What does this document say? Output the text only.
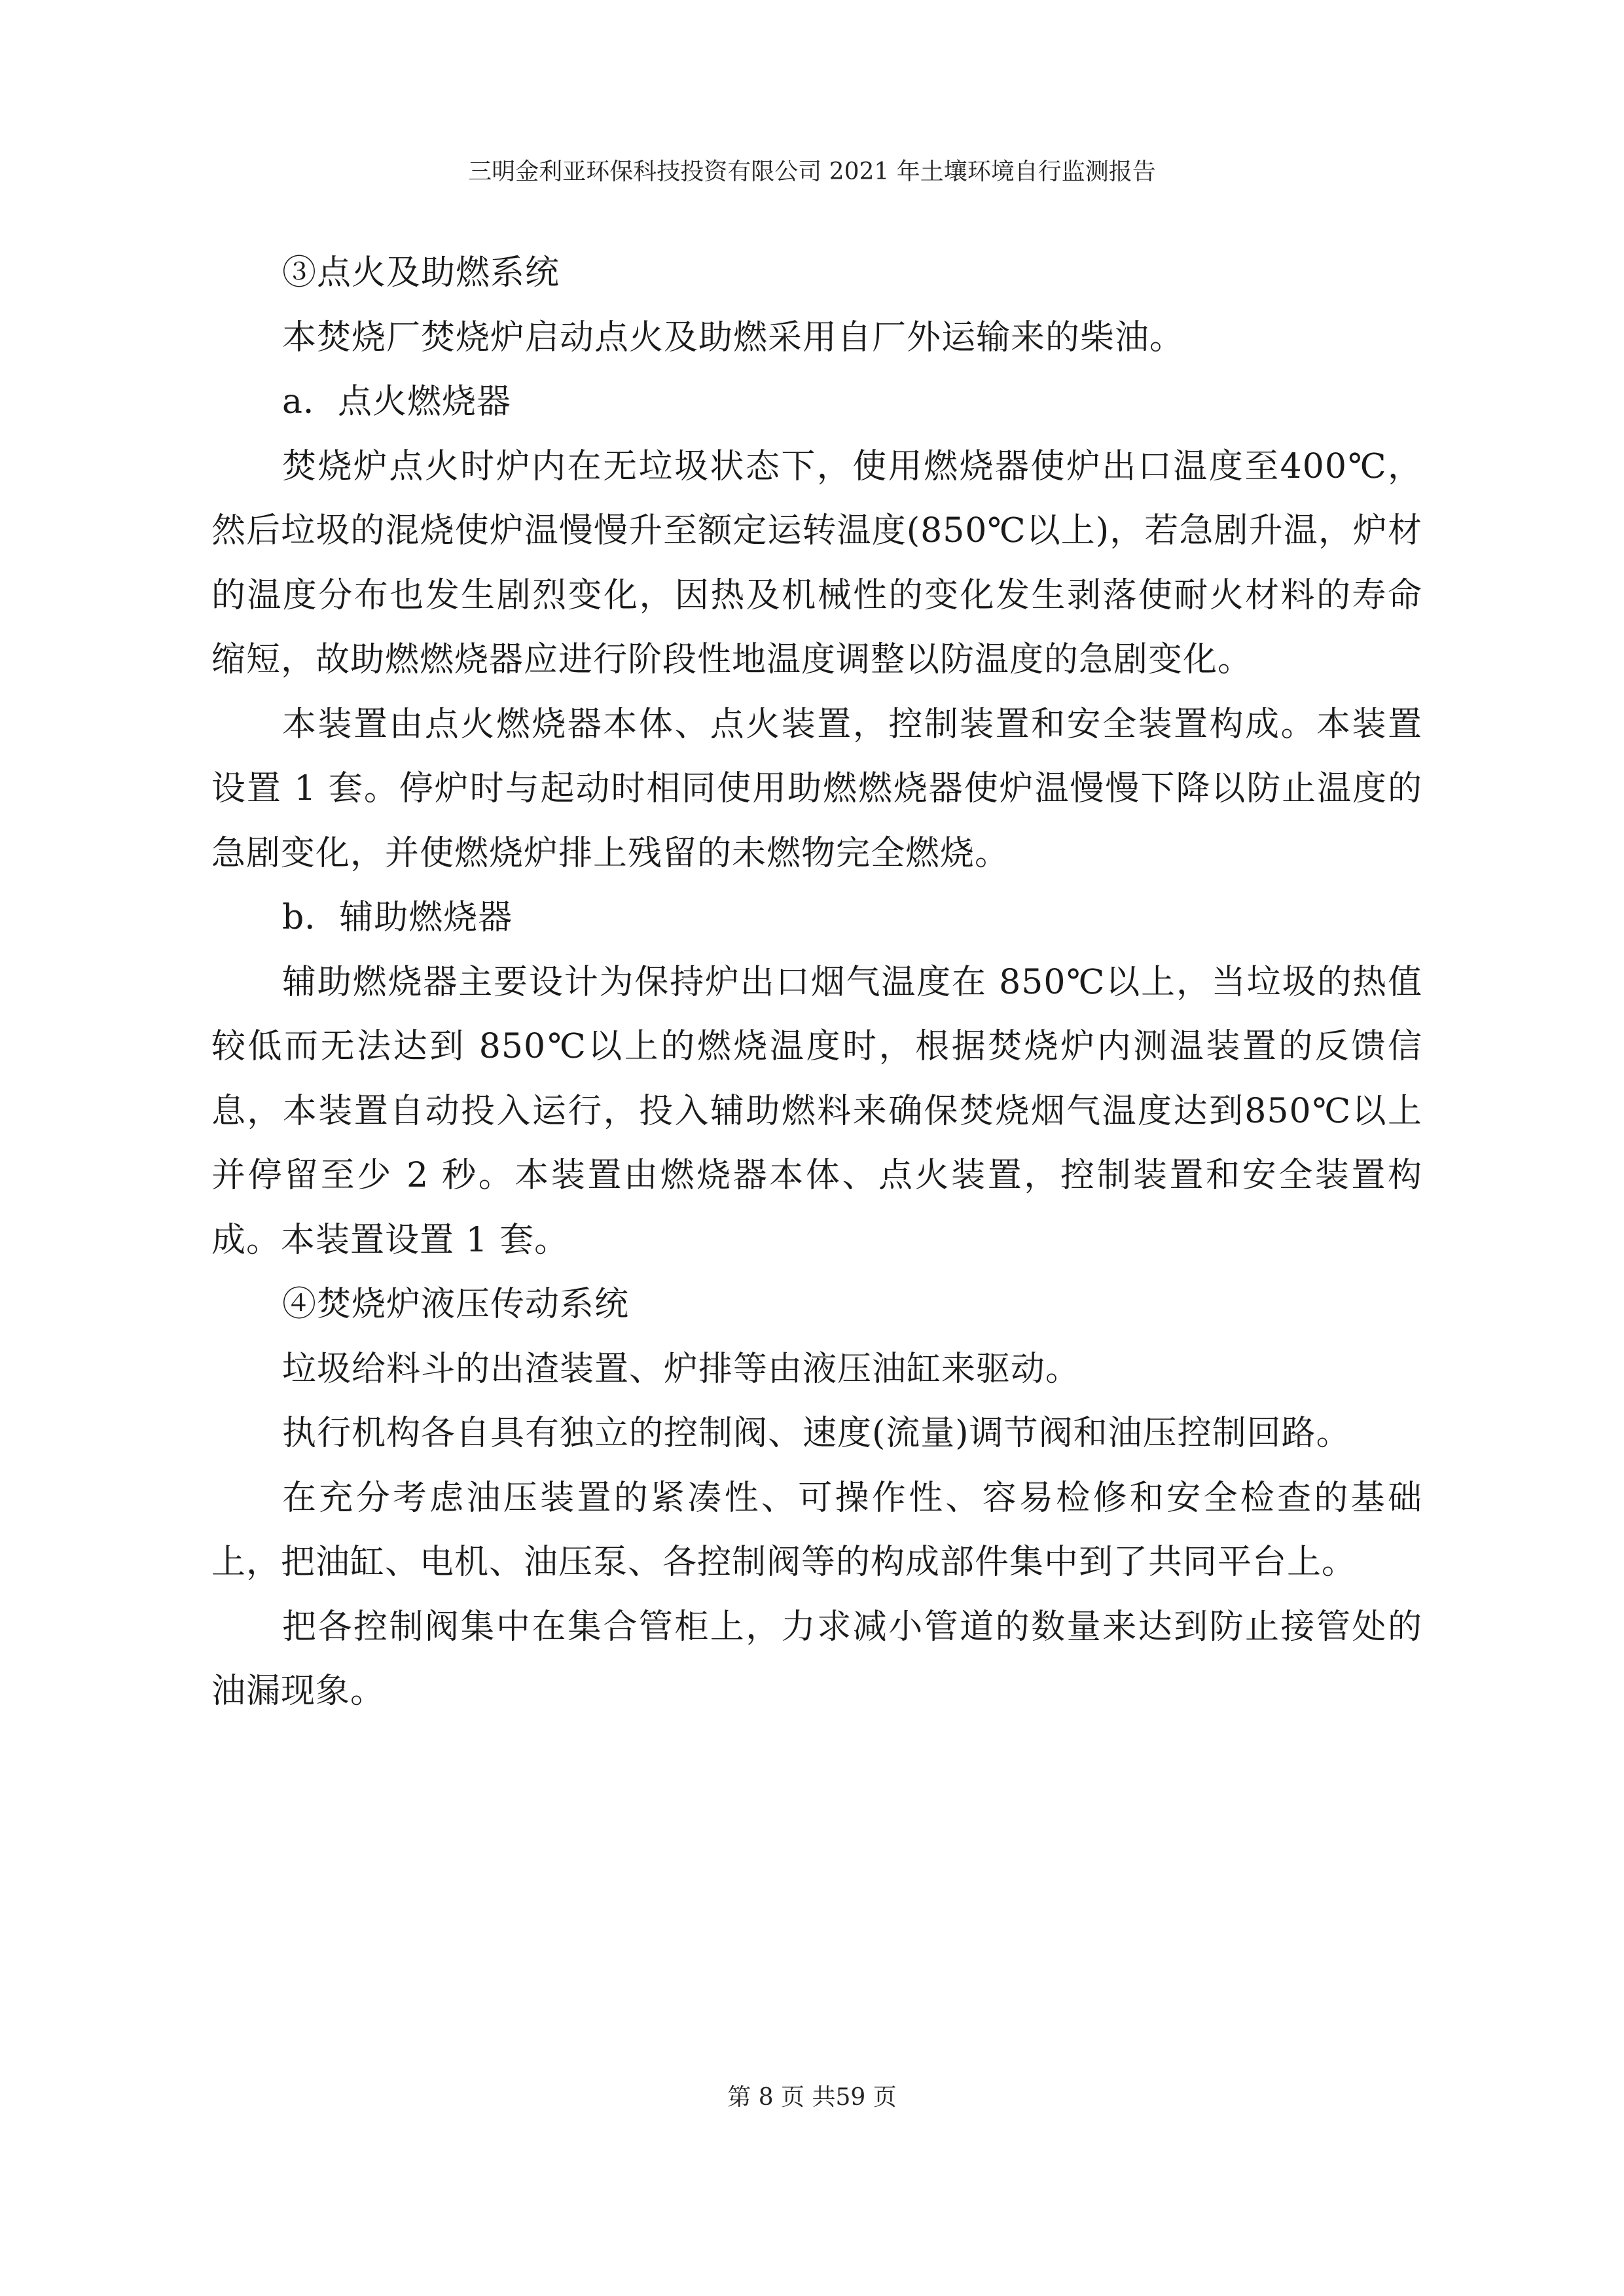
三明金利亚环保科技投资有限公司 2021 年土壤环境自行监测报告

③点火及助燃系统

本焚烧厂焚烧炉启动点火及助燃采用自厂外运输来的柴油。

a．点火燃烧器

焚烧炉点火时炉内在无垃圾状态下，使用燃烧器使炉出口温度至400℃，然后垃圾的混烧使炉温慢慢升至额定运转温度(850℃以上)，若急剧升温，炉材的温度分布也发生剧烈变化，因热及机械性的变化发生剥落使耐火材料的寿命缩短，故助燃燃烧器应进行阶段性地温度调整以防温度的急剧变化。

本装置由点火燃烧器本体、点火装置，控制装置和安全装置构成。本装置设置 1 套。停炉时与起动时相同使用助燃燃烧器使炉温慢慢下降以防止温度的急剧变化，并使燃烧炉排上残留的未燃物完全燃烧。

b．辅助燃烧器

辅助燃烧器主要设计为保持炉出口烟气温度在 850℃以上，当垃圾的热值较低而无法达到 850℃以上的燃烧温度时，根据焚烧炉内测温装置的反馈信息，本装置自动投入运行，投入辅助燃料来确保焚烧烟气温度达到850℃以上并停留至少 2 秒。本装置由燃烧器本体、点火装置，控制装置和安全装置构成。本装置设置 1 套。

④焚烧炉液压传动系统

垃圾给料斗的出渣装置、炉排等由液压油缸来驱动。

执行机构各自具有独立的控制阀、速度(流量)调节阀和油压控制回路。

在充分考虑油压装置的紧凑性、可操作性、容易检修和安全检查的基础上，把油缸、电机、油压泵、各控制阀等的构成部件集中到了共同平台上。

把各控制阀集中在集合管柜上，力求减小管道的数量来达到防止接管处的油漏现象。

第 8 页 共59 页
